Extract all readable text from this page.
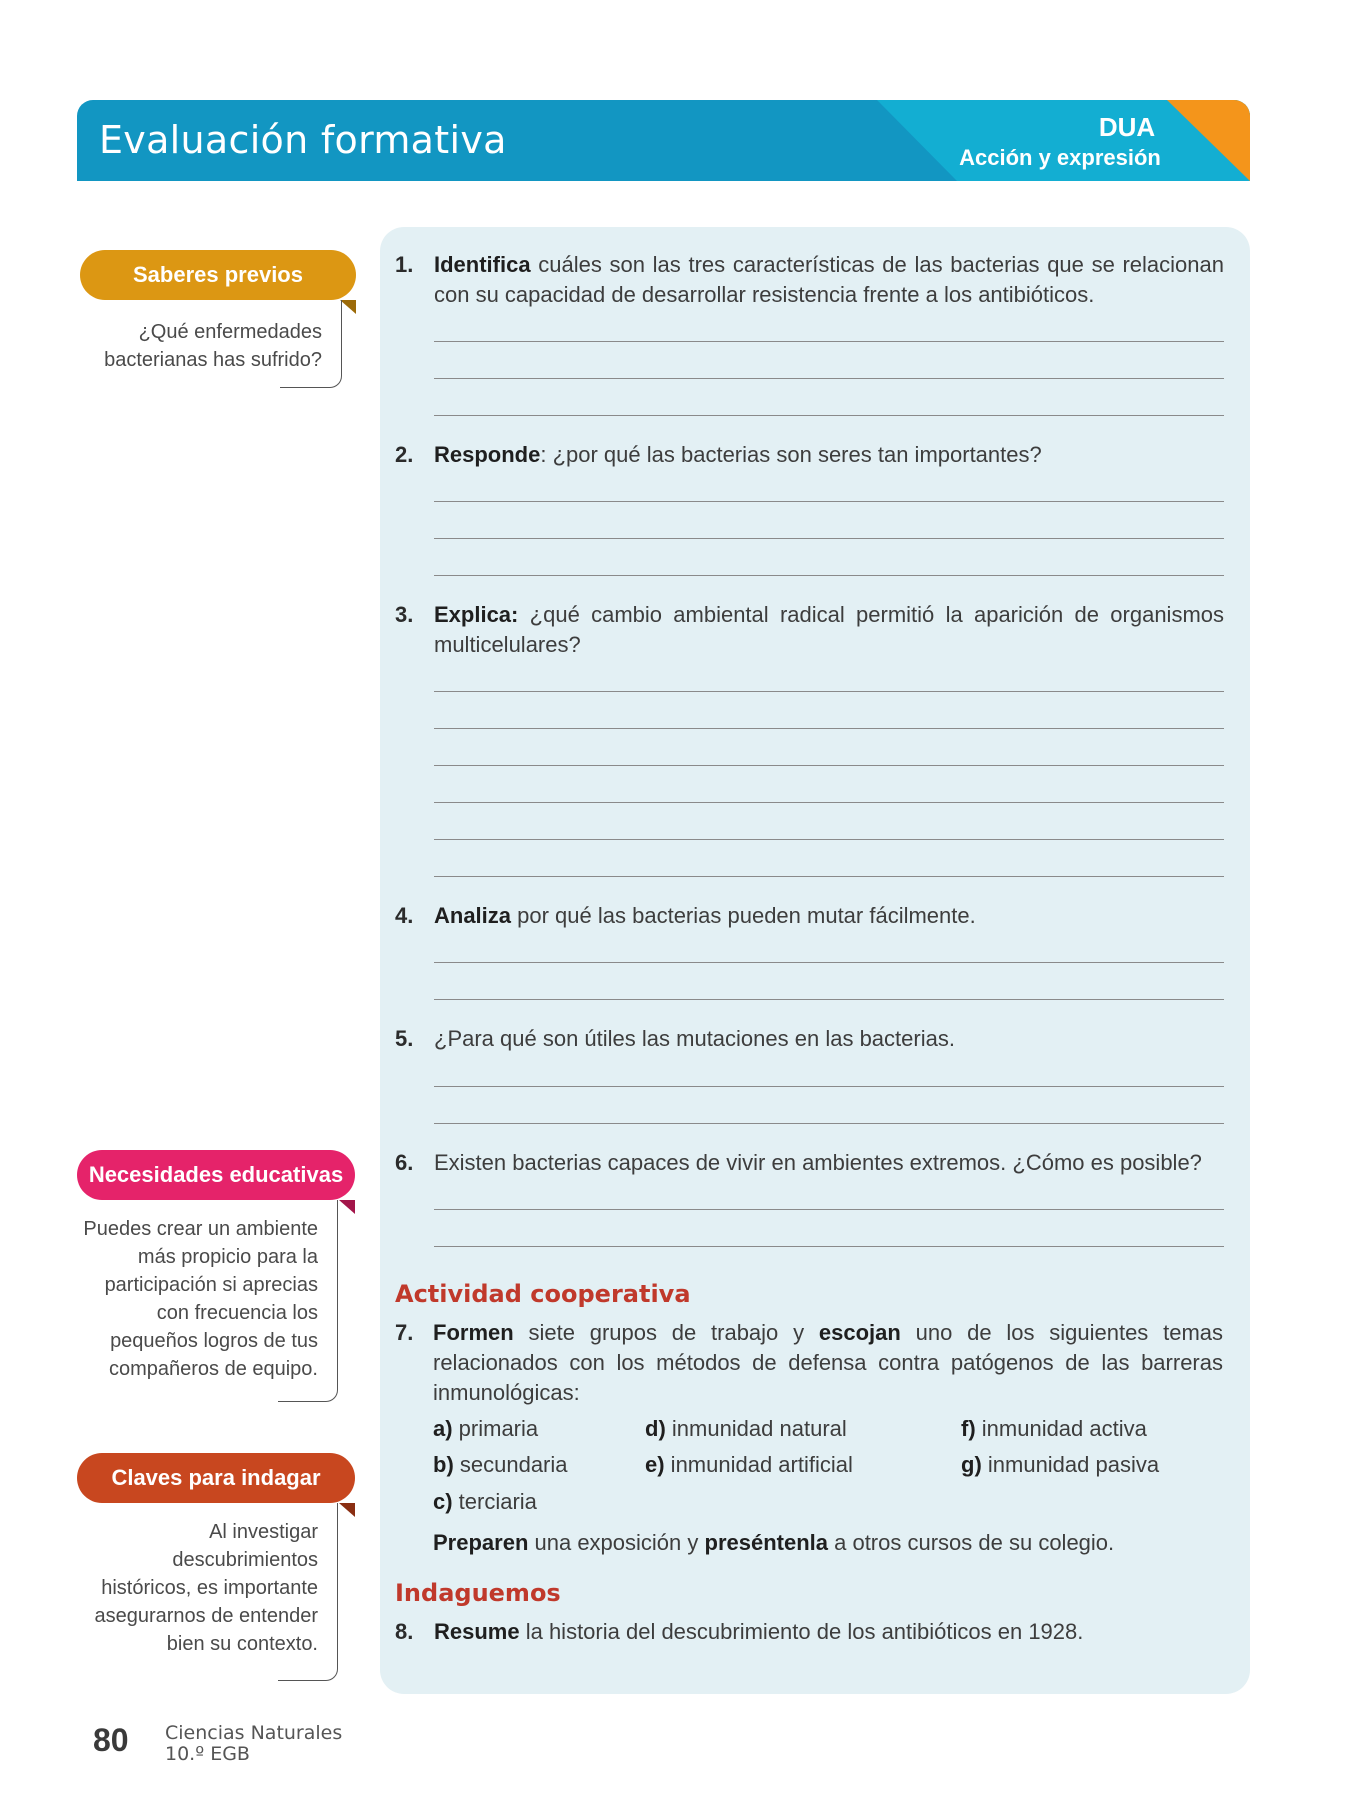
Evaluación formativa	DUA
Acción y expresión
Saberes previos
¿Qué enfermedades
bacterianas has sufrido?
Necesidades educativas
Puedes crear un ambiente
más propicio para la
participación si aprecias
con frecuencia los
pequeños logros de tus
compañeros de equipo.
Claves para indagar
Al investigar
descubrimientos
históricos, es importante
asegurarnos de entender
bien su contexto.
1. Identifica cuáles son las tres características de las bacterias que se relacionan con su capacidad de desarrollar resistencia frente a los antibióticos.
2. Responde: ¿por qué las bacterias son seres tan importantes?
3. Explica: ¿qué cambio ambiental radical permitió la aparición de organismos multicelulares?
4. Analiza por qué las bacterias pueden mutar fácilmente.
5. ¿Para qué son útiles las mutaciones en las bacterias.
6. Existen bacterias capaces de vivir en ambientes extremos. ¿Cómo es posible?
Actividad cooperativa
7. Formen siete grupos de trabajo y escojan uno de los siguientes temas relacionados con los métodos de defensa contra patógenos de las barreras inmunológicas:
a) primaria
b) secundaria
c) terciaria
d) inmunidad natural
e) inmunidad artificial
f) inmunidad activa
g) inmunidad pasiva
Preparen una exposición y preséntenla a otros cursos de su colegio.
Indaguemos
8. Resume la historia del descubrimiento de los antibióticos en 1928.
80 Ciencias Naturales
10.º EGB
